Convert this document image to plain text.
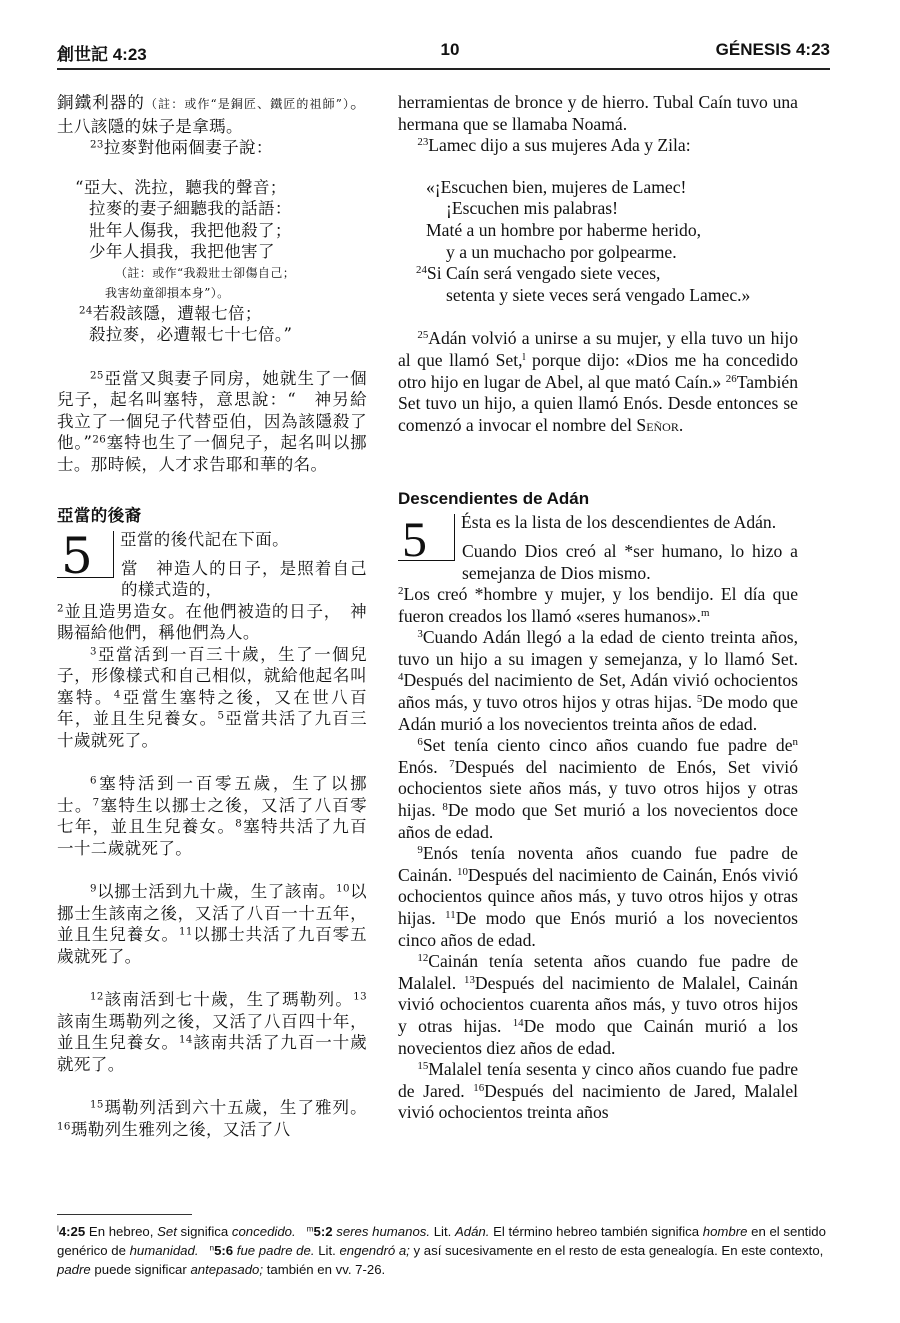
創世記 4:23	10	GÉNESIS 4:23

銅鐵利器的（註：或作“是銅匠、鐵匠的祖師”）。土八該隱的妹子是拿瑪。

$^{23}$拉麥對他兩個妻子說：

“亞大、洗拉，聽我的聲音；
拉麥的妻子細聽我的話語：
壯年人傷我，我把他殺了；
少年人損我，我把他害了
（註：或作“我殺壯士卻傷自己；
我害幼童卻損本身”）。
$^{24}$若殺該隱，遭報七倍；
殺拉麥，必遭報七十七倍。”

$^{25}$亞當又與妻子同房，她就生了一個兒子，起名叫塞特，意思說：“　神另給我立了一個兒子代替亞伯，因為該隱殺了他。”$^{26}$塞特也生了一個兒子，起名叫以挪士。那時候，人才求告耶和華的名。

亞當的後裔
5	亞當的後代記在下面。

當　神造人的日子，是照着自己的樣式造的，

$^2$並且造男造女。在他們被造的日子，　神賜福給他們，稱他們為人。

$^3$亞當活到一百三十歲，生了一個兒子，形像樣式和自己相似，就給他起名叫塞特。$^4$亞當生塞特之後，又在世八百年，並且生兒養女。$^5$亞當共活了九百三十歲就死了。

$^6$塞特活到一百零五歲，生了以挪士。$^7$塞特生以挪士之後，又活了八百零七年，並且生兒養女。$^8$塞特共活了九百一十二歲就死了。

$^9$以挪士活到九十歲，生了該南。$^{10}$以挪士生該南之後，又活了八百一十五年，並且生兒養女。$^{11}$以挪士共活了九百零五歲就死了。

$^{12}$該南活到七十歲，生了瑪勒列。$^{13}$該南生瑪勒列之後，又活了八百四十年，並且生兒養女。$^{14}$該南共活了九百一十歲就死了。

$^{15}$瑪勒列活到六十五歲，生了雅列。$^{16}$瑪勒列生雅列之後，又活了八

herramientas de bronce y de hierro. Tubal Caín tuvo una hermana que se llamaba Noamá.

$^{23}$Lamec dijo a sus mujeres Ada y Zila:

«¡Escuchen bien, mujeres de Lamec!
¡Escuchen mis palabras!
Maté a un hombre por haberme herido,
y a un muchacho por golpearme.
$^{24}$Si Caín será vengado siete veces,
setenta y siete veces será vengado Lamec.»

$^{25}$Adán volvió a unirse a su mujer, y ella tuvo un hijo al que llamó Set,$^l$ porque dijo: «Dios me ha concedido otro hijo en lugar de Abel, al que mató Caín.» $^{26}$También Set tuvo un hijo, a quien llamó Enós. Desde entonces se comenzó a invocar el nombre del Señor.

Descendientes de Adán
5	Ésta es la lista de los descendientes de Adán.

Cuando Dios creó al *ser humano, lo hizo a semejanza de Dios mismo.

$^2$Los creó *hombre y mujer, y los bendijo. El día que fueron creados los llamó «seres humanos».$^m$

$^3$Cuando Adán llegó a la edad de ciento treinta años, tuvo un hijo a su imagen y semejanza, y lo llamó Set. $^4$Después del nacimiento de Set, Adán vivió ochocientos años más, y tuvo otros hijos y otras hijas. $^5$De modo que Adán murió a los novecientos treinta años de edad.

$^6$Set tenía ciento cinco años cuando fue padre $de^n$ Enós. $^7$Después del nacimiento de Enós, Set vivió ochocientos siete años más, y tuvo otros hijos y otras hijas. $^8$De modo que Set murió a los novecientos doce años de edad.

$^9$Enós tenía noventa años cuando fue padre de Cainán. $^{10}$Después del nacimiento de Cainán, Enós vivió ochocientos quince años más, y tuvo otros hijos y otras hijas. $^{11}$De modo que Enós murió a los novecientos cinco años de edad.

$^{12}$Cainán tenía setenta años cuando fue padre de Malalel. $^{13}$Después del nacimiento de Malalel, Cainán vivió ochocientos cuarenta años más, y tuvo otros hijos y otras hijas. $^{14}$De modo que Cainán murió a los novecientos diez años de edad.

$^{15}$Malalel tenía sesenta y cinco años cuando fue padre de Jared. $^{16}$Después del nacimiento de Jared, Malalel vivió ochocientos treinta años

$^l$4:25 En hebreo, Set significa concedido. $^m$5:2 seres humanos. Lit. Adán. El término hebreo también significa hombre en el sentido genérico de humanidad. $^n$5:6 fue padre de. Lit. engendró a; y así sucesivamente en el resto de esta genealogía. En este contexto, padre puede significar antepasado; también en vv. 7-26.
